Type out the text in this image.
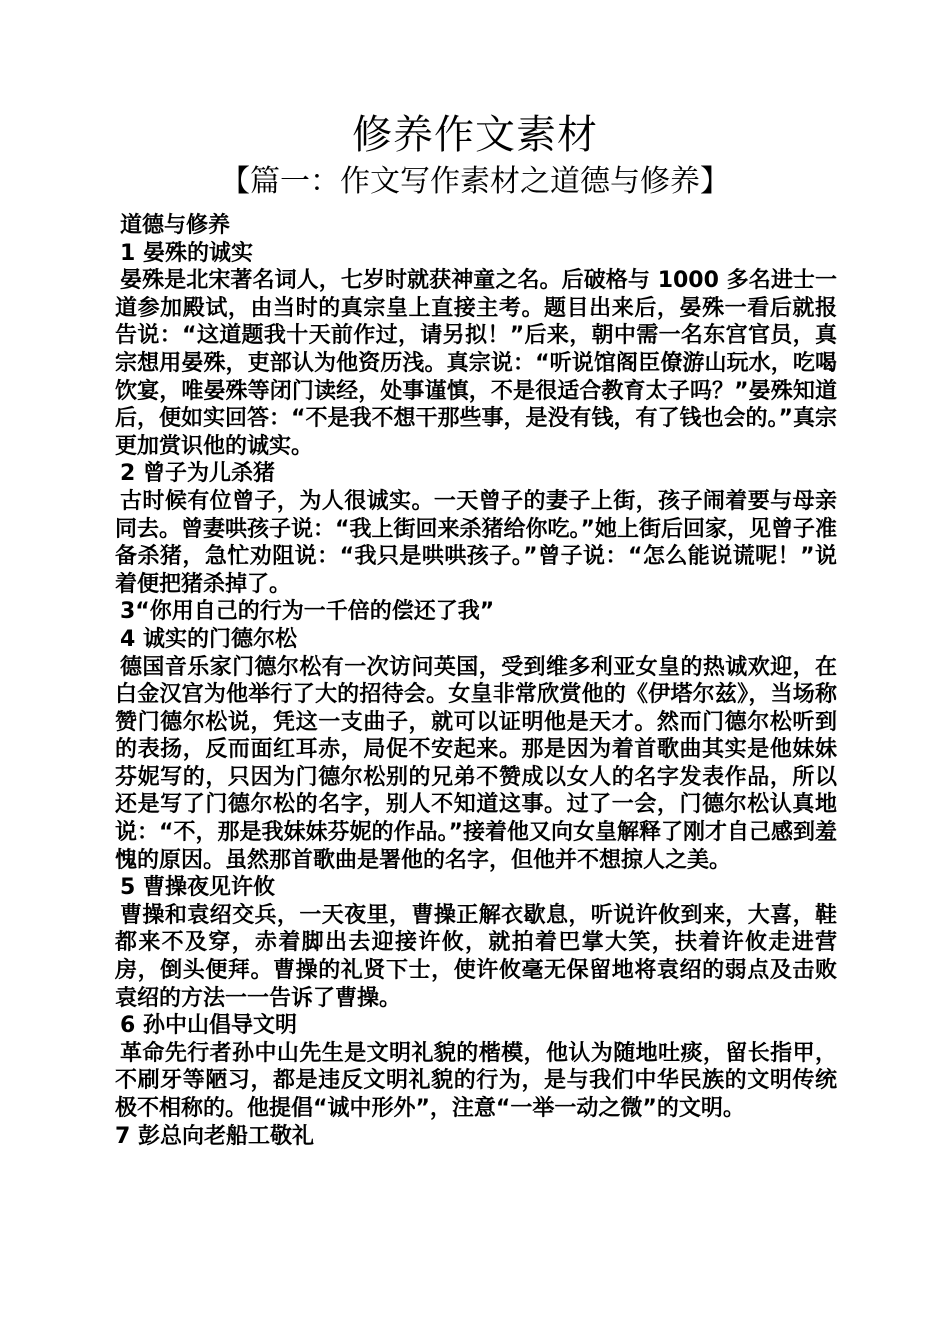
修养作文素材
【篇一：作文写作素材之道德与修养】

道德与修养

1 晏殊的诚实

晏殊是北宋著名词人，七岁时就获神童之名。后破格与 1000 多名进士一道参加殿试，由当时的真宗皇上直接主考。题目出来后，晏殊一看后就报告说：“这道题我十天前作过，请另拟！”后来，朝中需一名东宫官员，真宗想用晏殊，吏部认为他资历浅。真宗说：“听说馆阁臣僚游山玩水，吃喝饮宴，唯晏殊等闭门读经，处事谨慎，不是很适合教育太子吗？”晏殊知道后，便如实回答：“不是我不想干那些事，是没有钱，有了钱也会的。”真宗更加赏识他的诚实。

2 曾子为儿杀猪

古时候有位曾子，为人很诚实。一天曾子的妻子上街，孩子闹着要与母亲同去。曾妻哄孩子说：“我上街回来杀猪给你吃。”她上街后回家，见曾子准备杀猪，急忙劝阻说：“我只是哄哄孩子。”曾子说：“怎么能说谎呢！”说着便把猪杀掉了。

3“你用自己的行为一千倍的偿还了我”

4 诚实的门德尔松

德国音乐家门德尔松有一次访问英国，受到维多利亚女皇的热诚欢迎，在白金汉宫为他举行了大的招待会。女皇非常欣赏他的《伊塔尔兹》，当场称赞门德尔松说，凭这一支曲子，就可以证明他是天才。然而门德尔松听到的表扬，反而面红耳赤，局促不安起来。那是因为着首歌曲其实是他妹妹芬妮写的，只因为门德尔松别的兄弟不赞成以女人的名字发表作品，所以还是写了门德尔松的名字，别人不知道这事。过了一会，门德尔松认真地说：“不，那是我妹妹芬妮的作品。”接着他又向女皇解释了刚才自己感到羞愧的原因。虽然那首歌曲是署他的名字，但他并不想掠人之美。

5 曹操夜见许攸

曹操和袁绍交兵，一天夜里，曹操正解衣歇息，听说许攸到来，大喜，鞋都来不及穿，赤着脚出去迎接许攸，就拍着巴掌大笑，扶着许攸走进营房，倒头便拜。曹操的礼贤下士，使许攸毫无保留地将袁绍的弱点及击败袁绍的方法一一告诉了曹操。

6 孙中山倡导文明

革命先行者孙中山先生是文明礼貌的楷模，他认为随地吐痰，留长指甲，不刷牙等陋习，都是违反文明礼貌的行为，是与我们中华民族的文明传统极不相称的。他提倡“诚中形外”，注意“一举一动之微”的文明。

7 彭总向老船工敬礼
